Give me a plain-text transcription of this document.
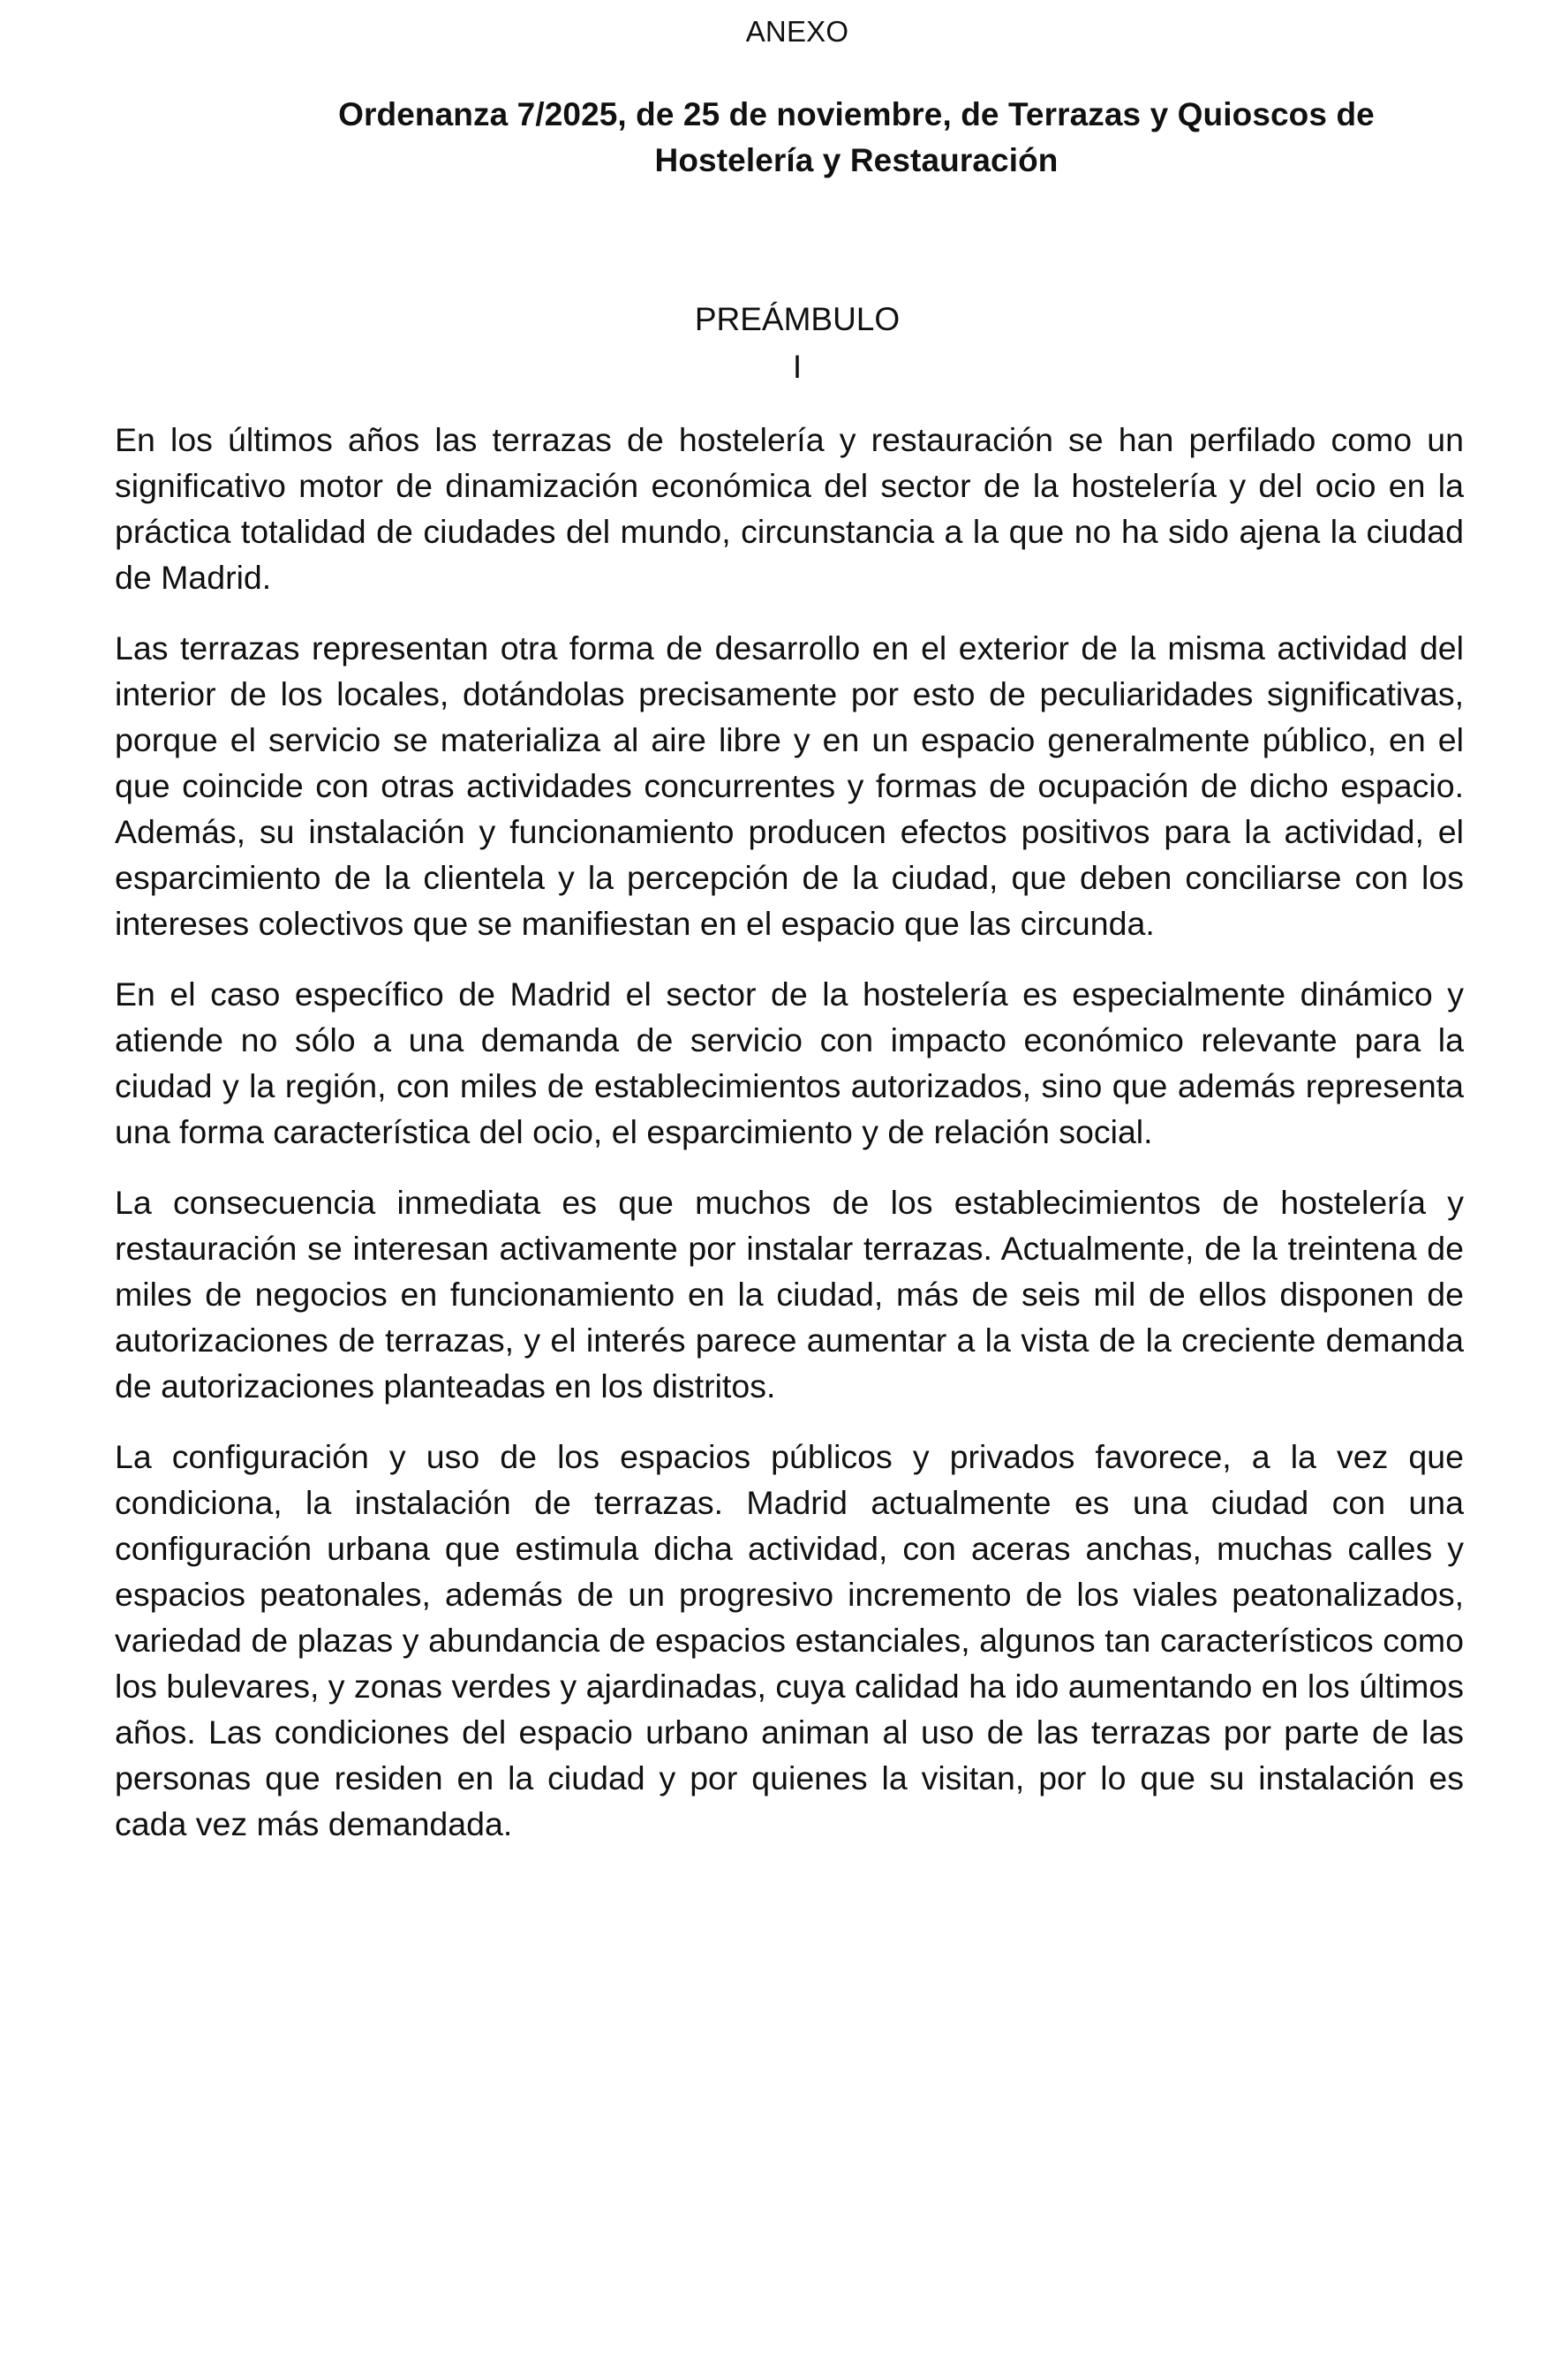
ANEXO
Ordenanza 7/2025, de 25 de noviembre, de Terrazas y Quioscos de Hostelería y Restauración
PREÁMBULO
I

En los últimos años las terrazas de hostelería y restauración se han perfilado como un significativo motor de dinamización económica del sector de la hostelería y del ocio en la práctica totalidad de ciudades del mundo, circunstancia a la que no ha sido ajena la ciudad de Madrid.

Las terrazas representan otra forma de desarrollo en el exterior de la misma actividad del interior de los locales, dotándolas precisamente por esto de peculiaridades significativas, porque el servicio se materializa al aire libre y en un espacio generalmente público, en el que coincide con otras actividades concurrentes y formas de ocupación de dicho espacio. Además, su instalación y funcionamiento producen efectos positivos para la actividad, el esparcimiento de la clientela y la percepción de la ciudad, que deben conciliarse con los intereses colectivos que se manifiestan en el espacio que las circunda.

En el caso específico de Madrid el sector de la hostelería es especialmente dinámico y atiende no sólo a una demanda de servicio con impacto económico relevante para la ciudad y la región, con miles de establecimientos autorizados, sino que además representa una forma característica del ocio, el esparcimiento y de relación social.

La consecuencia inmediata es que muchos de los establecimientos de hostelería y restauración se interesan activamente por instalar terrazas. Actualmente, de la treintena de miles de negocios en funcionamiento en la ciudad, más de seis mil de ellos disponen de autorizaciones de terrazas, y el interés parece aumentar a la vista de la creciente demanda de autorizaciones planteadas en los distritos.

La configuración y uso de los espacios públicos y privados favorece, a la vez que condiciona, la instalación de terrazas. Madrid actualmente es una ciudad con una configuración urbana que estimula dicha actividad, con aceras anchas, muchas calles y espacios peatonales, además de un progresivo incremento de los viales peatonalizados, variedad de plazas y abundancia de espacios estanciales, algunos tan característicos como los bulevares, y zonas verdes y ajardinadas, cuya calidad ha ido aumentando en los últimos años. Las condiciones del espacio urbano animan al uso de las terrazas por parte de las personas que residen en la ciudad y por quienes la visitan, por lo que su instalación es cada vez más demandada.
